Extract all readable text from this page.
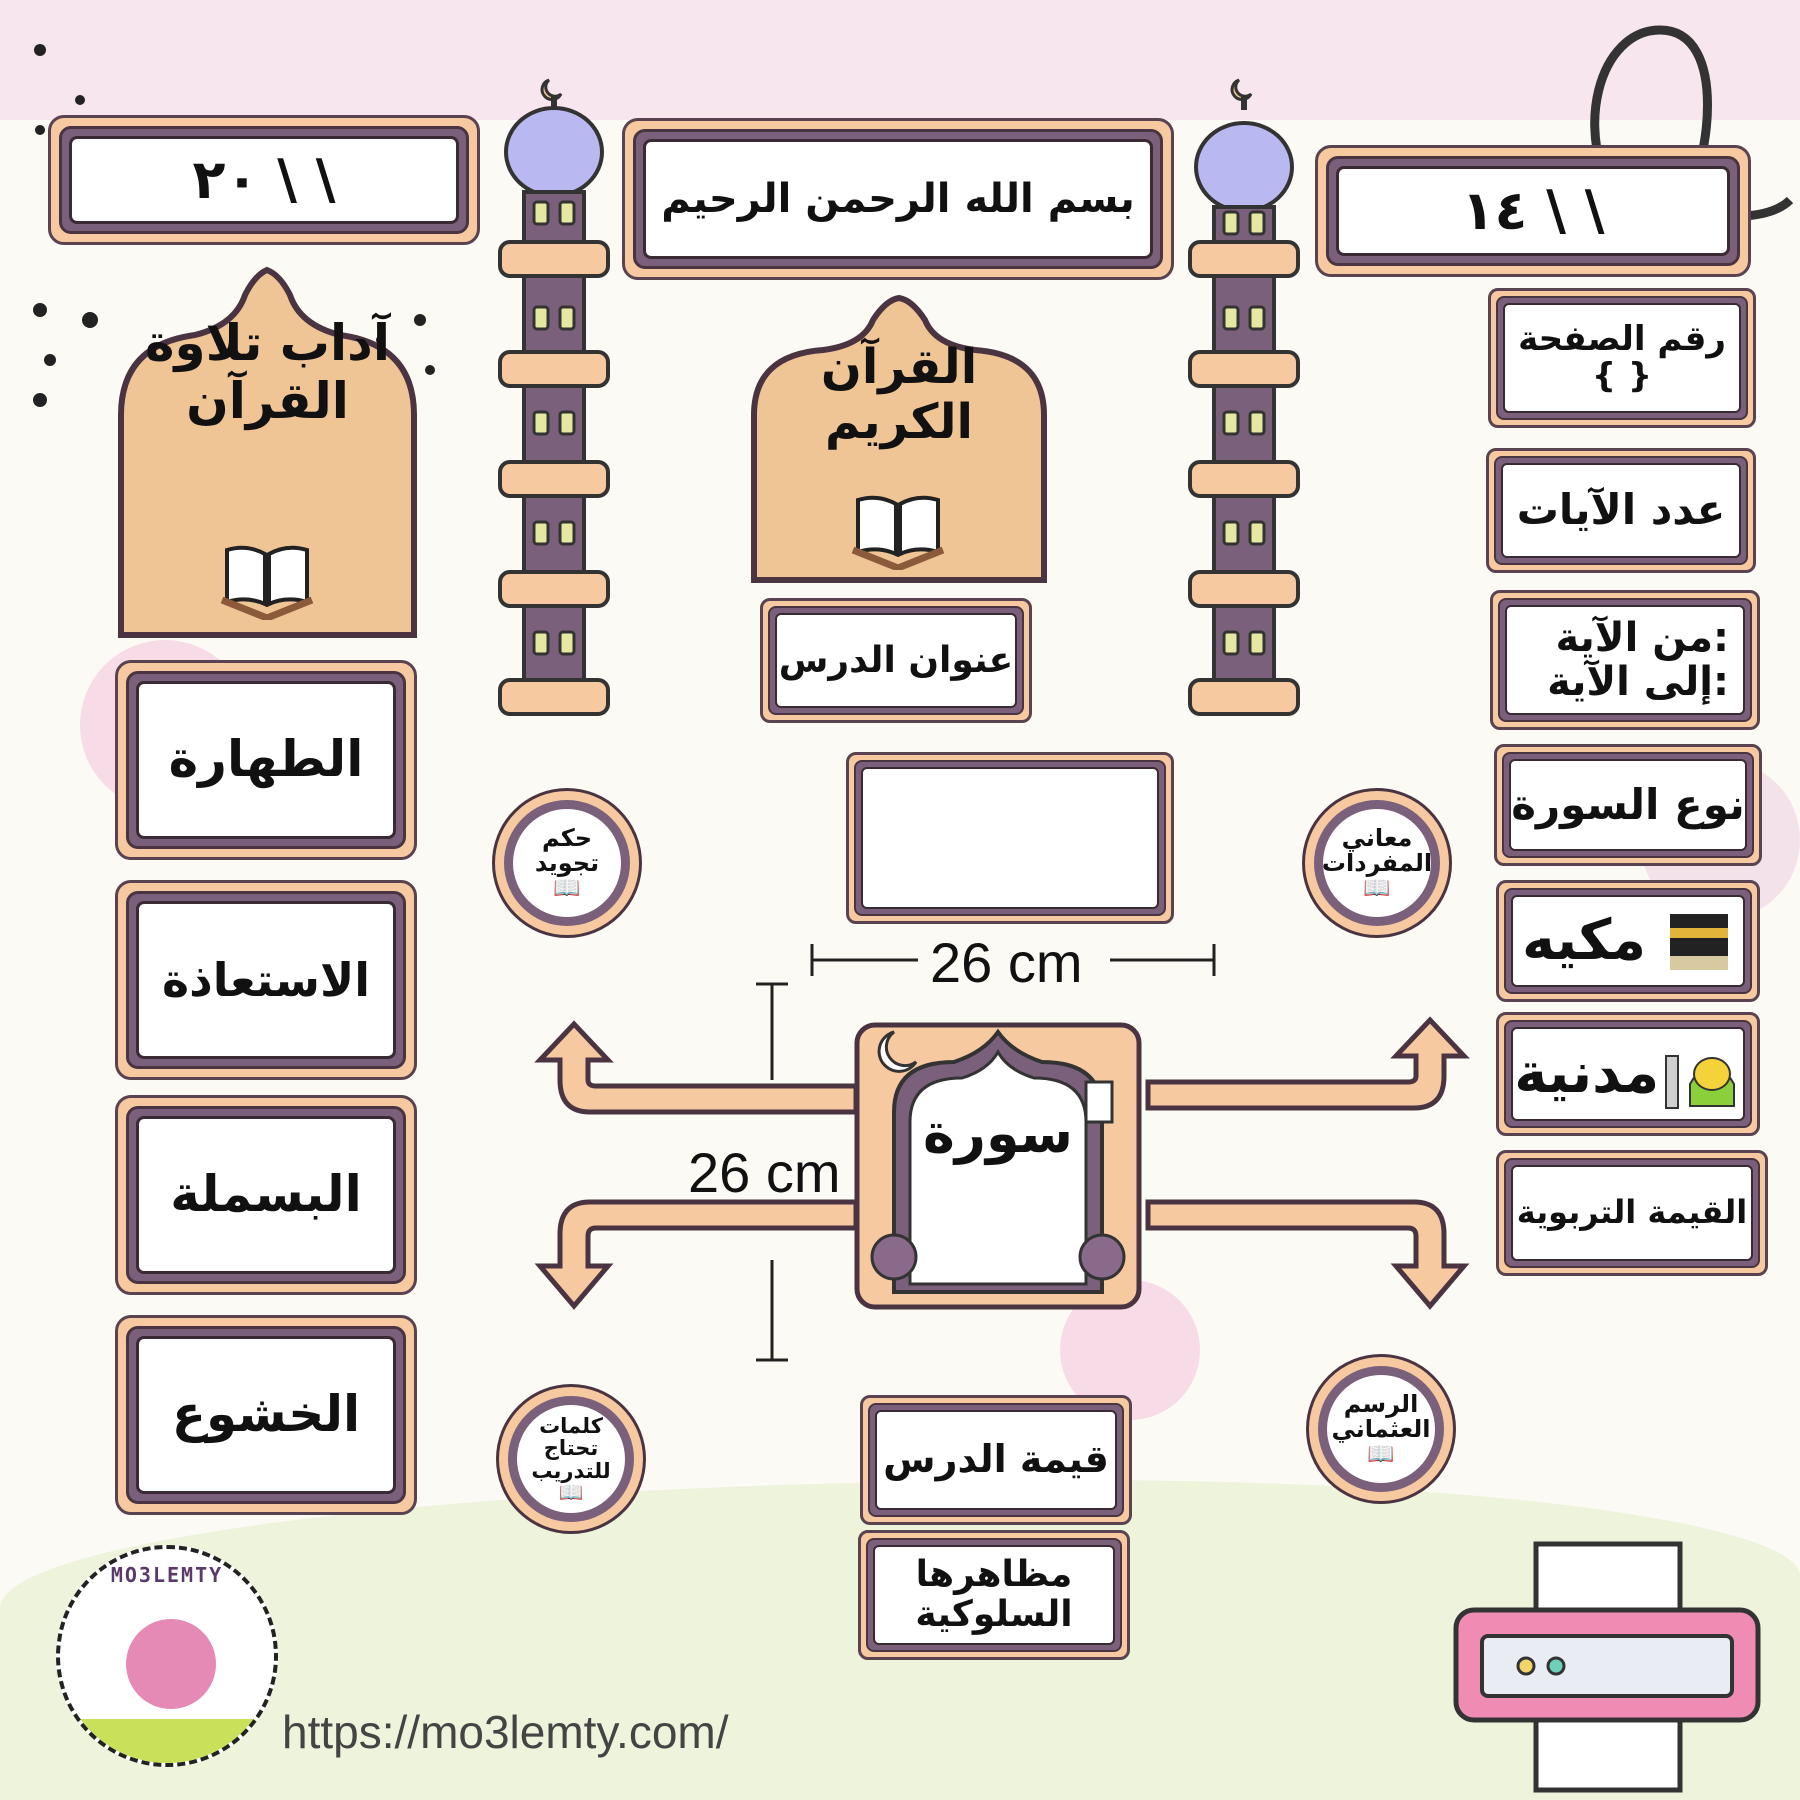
٢٠ \ \	١٤ \ \
بسم الله الرحمن الرحيم
آداب تلاوة القرآن
القرآن الكريم
عنوان الدرس
الطهارة
الاستعاذة
البسملة
الخشوع
رقم الصفحة
{ }
عدد الآيات
من الآية:
إلى الآية:
نوع السورة
مكيه
مدنية
القيمة التربوية
حكم تجويد
📖
معاني المفردات
📖
كلمات تحتاج للتدريب
📖
الرسم العثماني
📖
سورة
26 cm
26 cm
قيمة الدرس
مظاهرها السلوكية
MO3LEMTY
https://mo3lemty.com/
